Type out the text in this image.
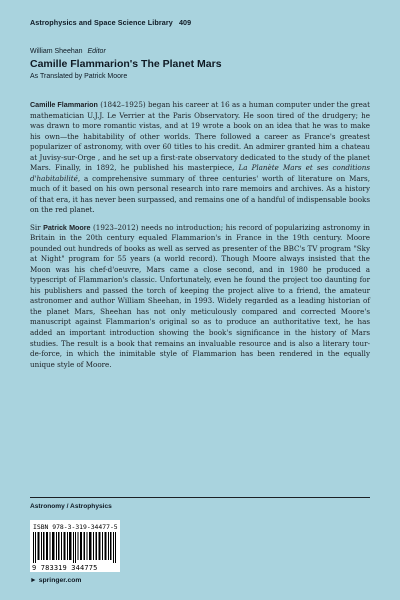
Astrophysics and Space Science Library 409
William Sheehan Editor
Camille Flammarion's The Planet Mars
As Translated by Patrick Moore

Camille Flammarion (1842–1925) began his career at 16 as a human computer under the great mathematician U.J.J. Le Verrier at the Paris Observatory. He soon tired of the drudgery; he was drawn to more romantic vistas, and at 19 wrote a book on an idea that he was to make his own—the habitability of other worlds. There followed a career as France's greatest popularizer of astronomy, with over 60 titles to his credit. An admirer granted him a chateau at Juvisy-sur-Orge , and he set up a first-rate observatory dedicated to the study of the planet Mars. Finally, in 1892, he published his masterpiece, La Planète Mars et ses conditions d'habitabilité, a comprehensive summary of three centuries' worth of literature on Mars, much of it based on his own personal research into rare memoirs and archives. As a history of that era, it has never been surpassed, and remains one of a handful of indispensable books on the red planet.

Sir Patrick Moore (1923–2012) needs no introduction; his record of popularizing astronomy in Britain in the 20th century equaled Flammarion's in France in the 19th century. Moore pounded out hundreds of books as well as served as presenter of the BBC's TV program "Sky at Night" program for 55 years (a world record). Though Moore always insisted that the Moon was his chef-d'oeuvre, Mars came a close second, and in 1980 he produced a typescript of Flammarion's classic. Unfortunately, even he found the project too daunting for his publishers and passed the torch of keeping the project alive to a friend, the amateur astronomer and author William Sheehan, in 1993. Widely regarded as a leading historian of the planet Mars, Sheehan has not only meticulously compared and corrected Moore's manuscript against Flammarion's original so as to produce an authoritative text, he has added an important introduction showing the book's significance in the history of Mars studies. The result is a book that remains an invaluable resource and is also a literary tour-de-force, in which the inimitable style of Flammarion has been rendered in the equally unique style of Moore.

Astronomy / Astrophysics
ISBN 978-3-319-34477-5
9 783319 344775
► springer.com
